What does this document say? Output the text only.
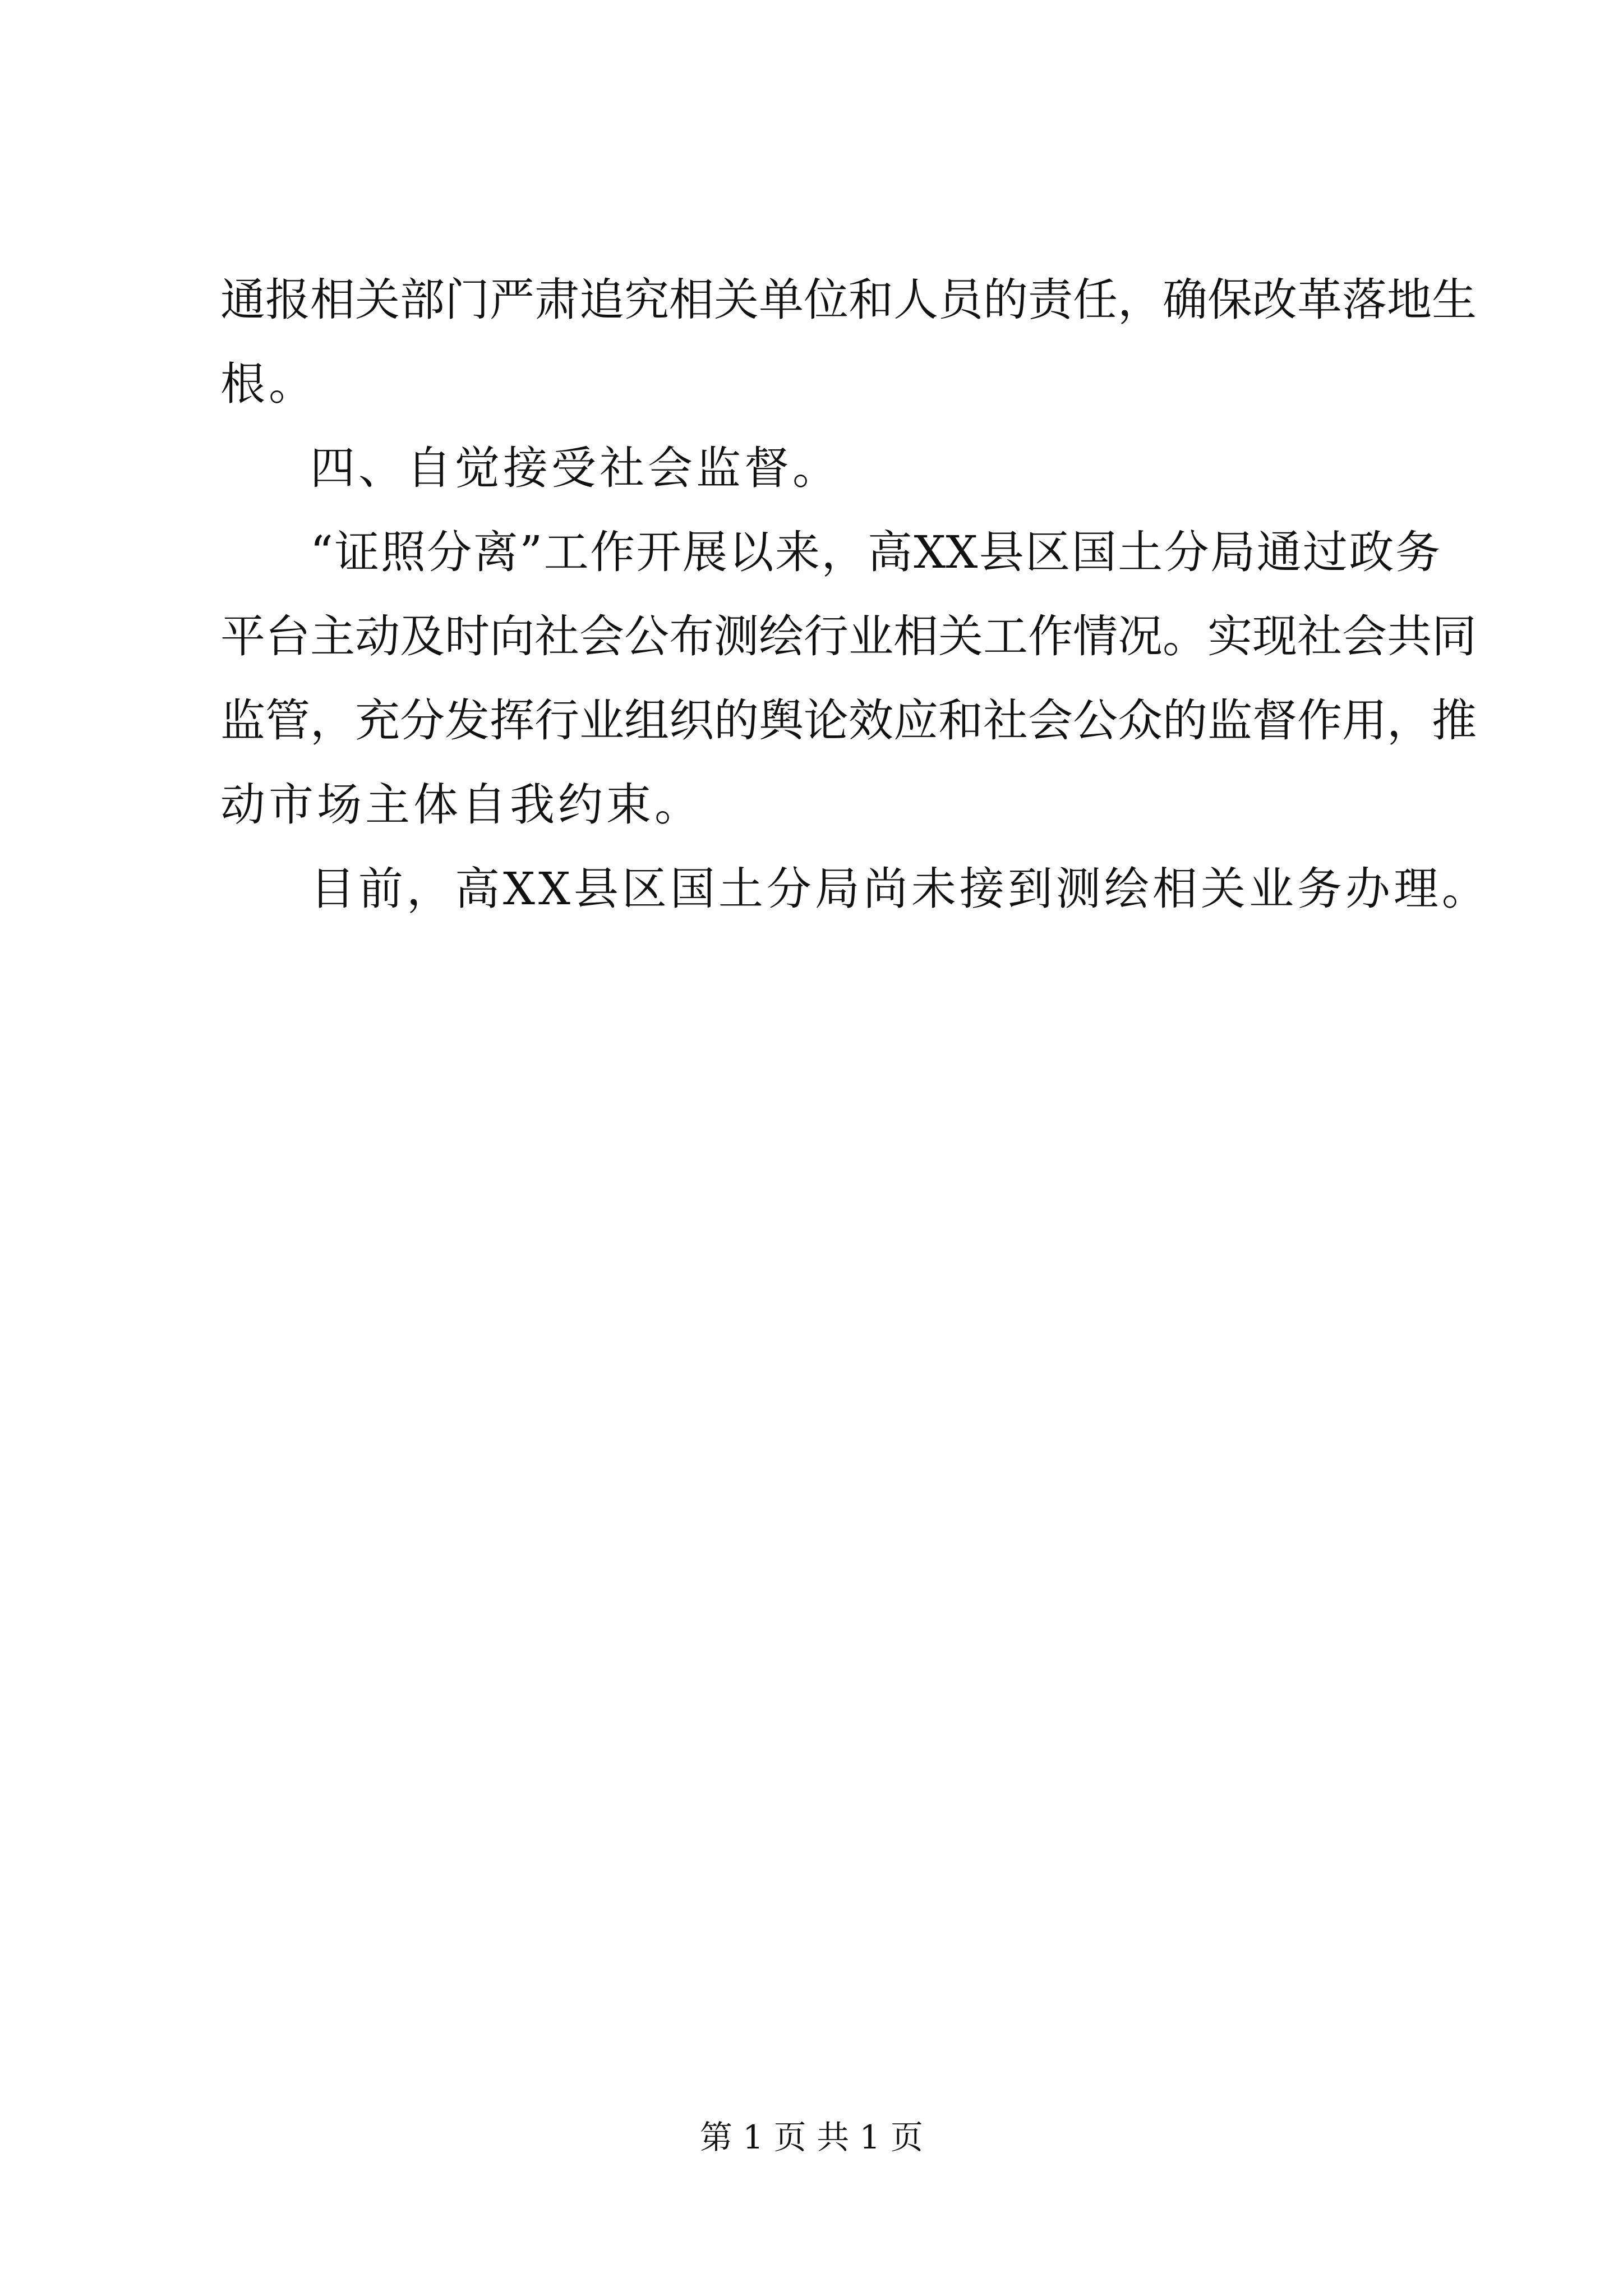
通报相关部门严肃追究相关单位和人员的责任，确保改革落地生
根。
四、自觉接受社会监督。
“证照分离”工作开展以来，高XX县区国土分局通过政务
平台主动及时向社会公布测绘行业相关工作情况。实现社会共同
监管，充分发挥行业组织的舆论效应和社会公众的监督作用，推
动市场主体自我约束。
目前，高XX县区国土分局尚未接到测绘相关业务办理。
第 1 页 共 1 页
